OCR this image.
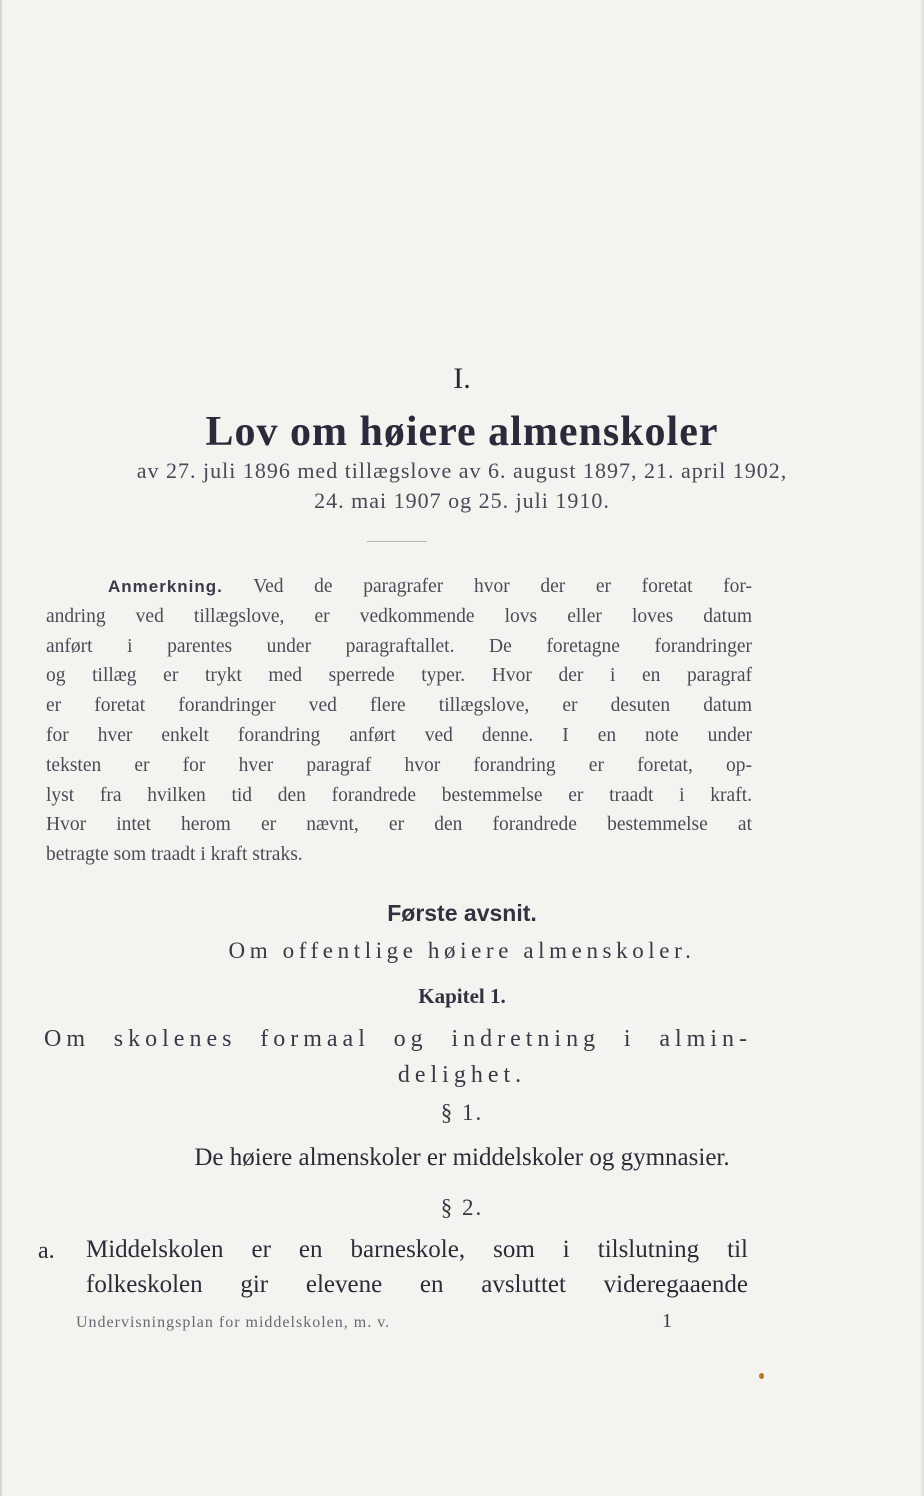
I.
Lov om høiere almenskoler
av 27. juli 1896 med tillægslove av 6. august 1897, 21. april 1902,
24. mai 1907 og 25. juli 1910.
Anmerkning. Ved de paragrafer hvor der er foretat for-
andring ved tillægslove, er vedkommende lovs eller loves datum
anført i parentes under paragraftallet. De foretagne forandringer
og tillæg er trykt med sperrede typer. Hvor der i en paragraf
er foretat forandringer ved flere tillægslove, er desuten datum
for hver enkelt forandring anført ved denne. I en note under
teksten er for hver paragraf hvor forandring er foretat, op-
lyst fra hvilken tid den forandrede bestemmelse er traadt i kraft.
Hvor intet herom er nævnt, er den forandrede bestemmelse at
betragte som traadt i kraft straks.
Første avsnit.
Om offentlige høiere almenskoler.
Kapitel 1.
Om skolenes formaal og indretning i almin-
delighet.
§ 1.
De høiere almenskoler er middelskoler og gymnasier.
§ 2.
a. Middelskolen er en barneskole, som i tilslutning til
folkeskolen gir elevene en avsluttet videregaaende
Undervisningsplan for middelskolen, m. v.	1
